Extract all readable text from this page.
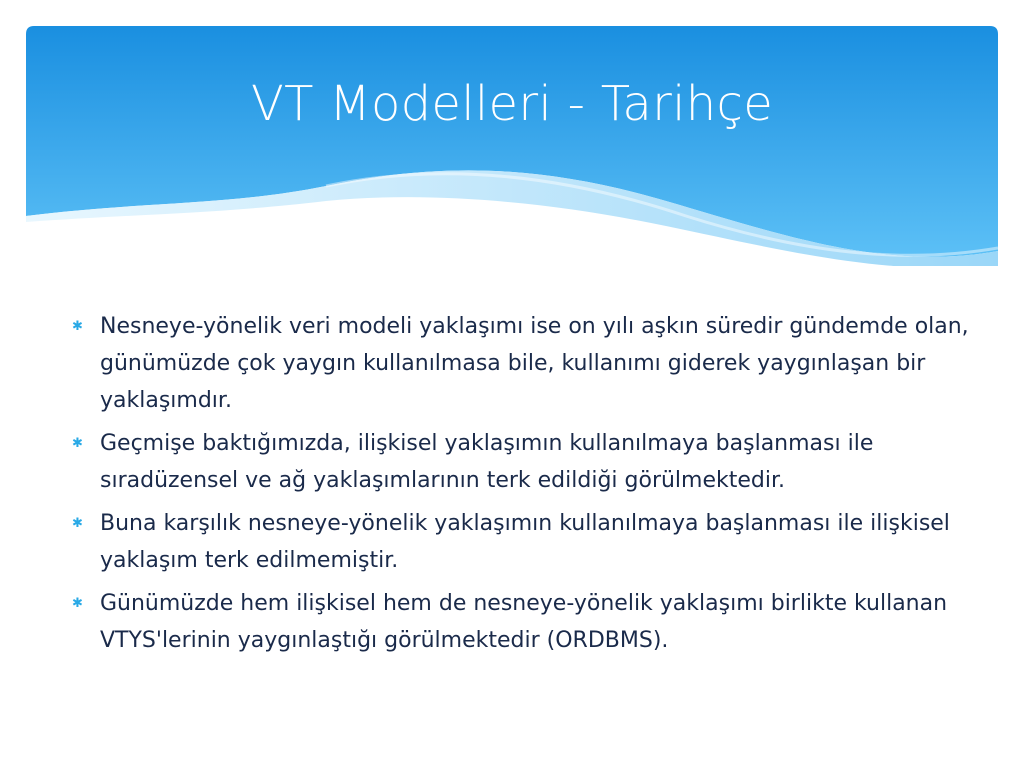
VT Modelleri - Tarihçe
✱ Nesneye-yönelik veri modeli yaklaşımı ise on yılı aşkın süredir gündemde olan, günümüzde çok yaygın kullanılmasa bile, kullanımı giderek yaygınlaşan bir yaklaşımdır.
✱ Geçmişe baktığımızda, ilişkisel yaklaşımın kullanılmaya başlanması ile sıradüzensel ve ağ yaklaşımlarının terk edildiği görülmektedir.
✱ Buna karşılık nesneye-yönelik yaklaşımın kullanılmaya başlanması ile ilişkisel yaklaşım terk edilmemiştir.
✱ Günümüzde hem ilişkisel hem de nesneye-yönelik yaklaşımı birlikte kullanan VTYS'lerinin yaygınlaştığı görülmektedir (ORDBMS).
